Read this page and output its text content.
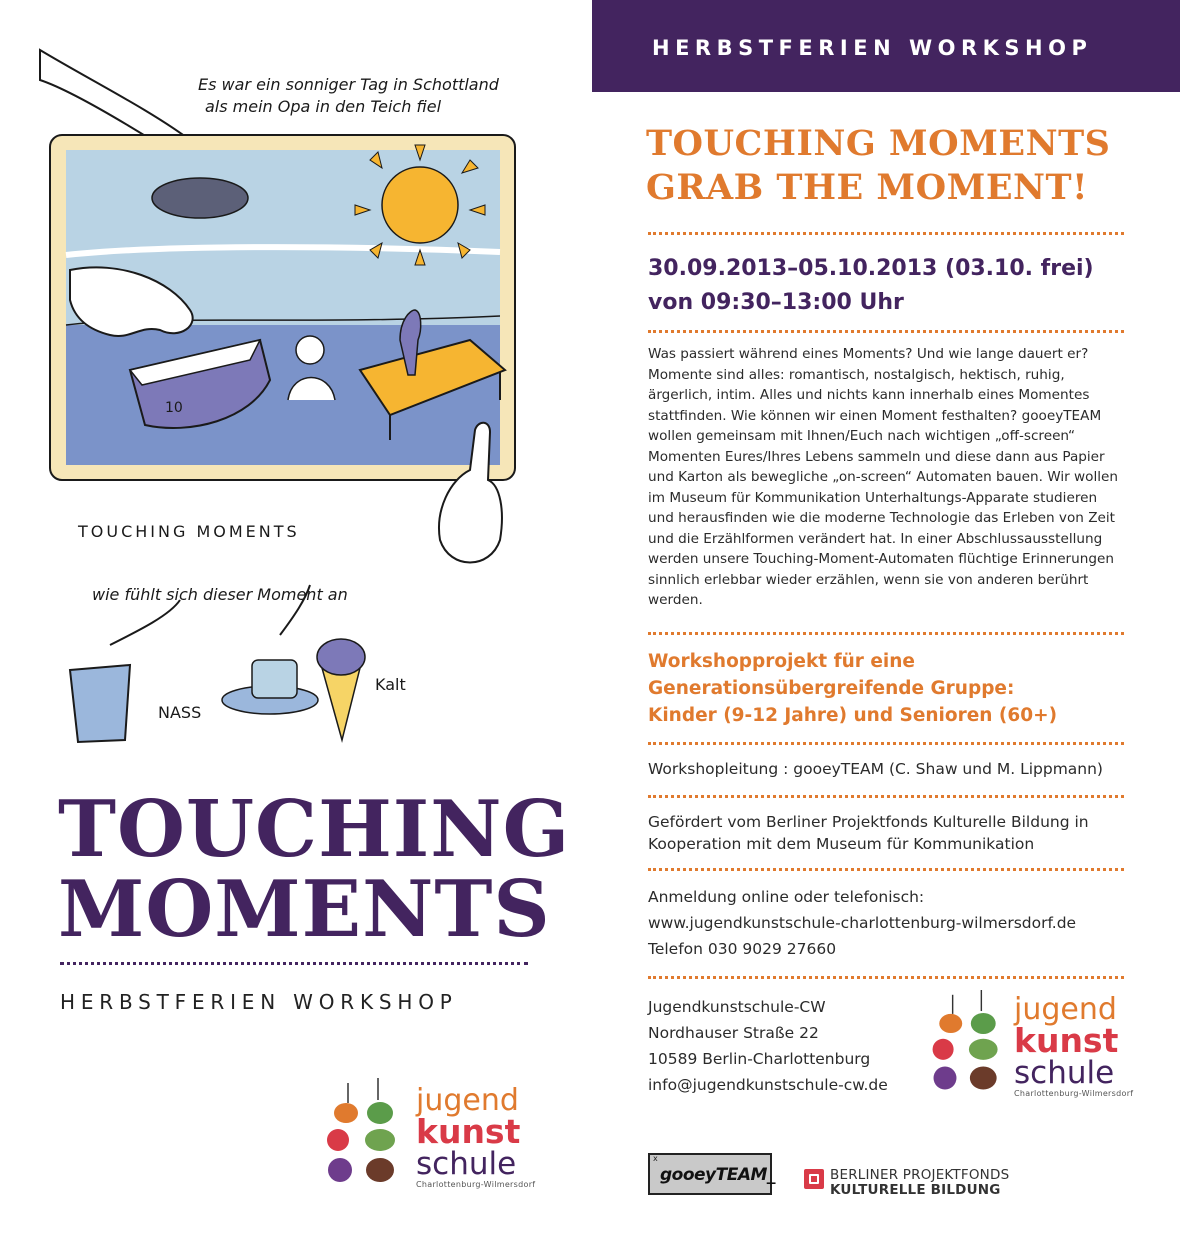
Es war ein sonniger Tag in Schottland
als mein Opa in den Teich fiel
10
TOUCHING MOMENTS
wie fühlt sich dieser Moment an
NASS
Kalt
TOUCHING
MOMENTS
HERBSTFERIEN WORKSHOP
jugend
kunst
schule
Charlottenburg-Wilmersdorf
HERBSTFERIEN WORKSHOP
TOUCHING MOMENTS
GRAB THE MOMENT!
30.09.2013–05.10.2013 (03.10. frei)
von 09:30–13:00 Uhr
Was passiert während eines Moments? Und wie lange dauert er? Momente sind alles: romantisch, nostalgisch, hektisch, ruhig, ärgerlich, intim. Alles und nichts kann innerhalb eines Momentes stattfinden. Wie können wir einen Moment festhalten? gooeyTEAM wollen gemeinsam mit Ihnen/Euch nach wichtigen „off-screen“ Momenten Eures/Ihres Lebens sammeln und diese dann aus Papier und Karton als bewegliche „on-screen“ Automaten bauen. Wir wollen im Museum für Kommunikation Unterhaltungs-Apparate studieren und herausfinden wie die moderne Technologie das Erleben von Zeit und die Erzählformen verändert hat. In einer Abschlussausstellung werden unsere Touching-Moment-Automaten flüchtige Erinnerungen sinnlich erlebbar wieder erzählen, wenn sie von anderen berührt werden.
Workshopprojekt für eine
Generationsübergreifende Gruppe:
Kinder (9-12 Jahre) und Senioren (60+)
Workshopleitung : gooeyTEAM (C. Shaw und M. Lippmann)
Gefördert vom Berliner Projektfonds Kulturelle Bildung in
Kooperation mit dem Museum für Kommunikation
Anmeldung online oder telefonisch:
www.jugendkunstschule-charlottenburg-wilmersdorf.de
Telefon 030 9029 27660
Jugendkunstschule-CW
Nordhauser Straße 22
10589 Berlin-Charlottenburg
info@jugendkunstschule-cw.de
jugend
kunst
schule
Charlottenburg-Wilmersdorf
x
gooeyTEAM_	BERLINER PROJEKTFONDS
KULTURELLE BILDUNG
